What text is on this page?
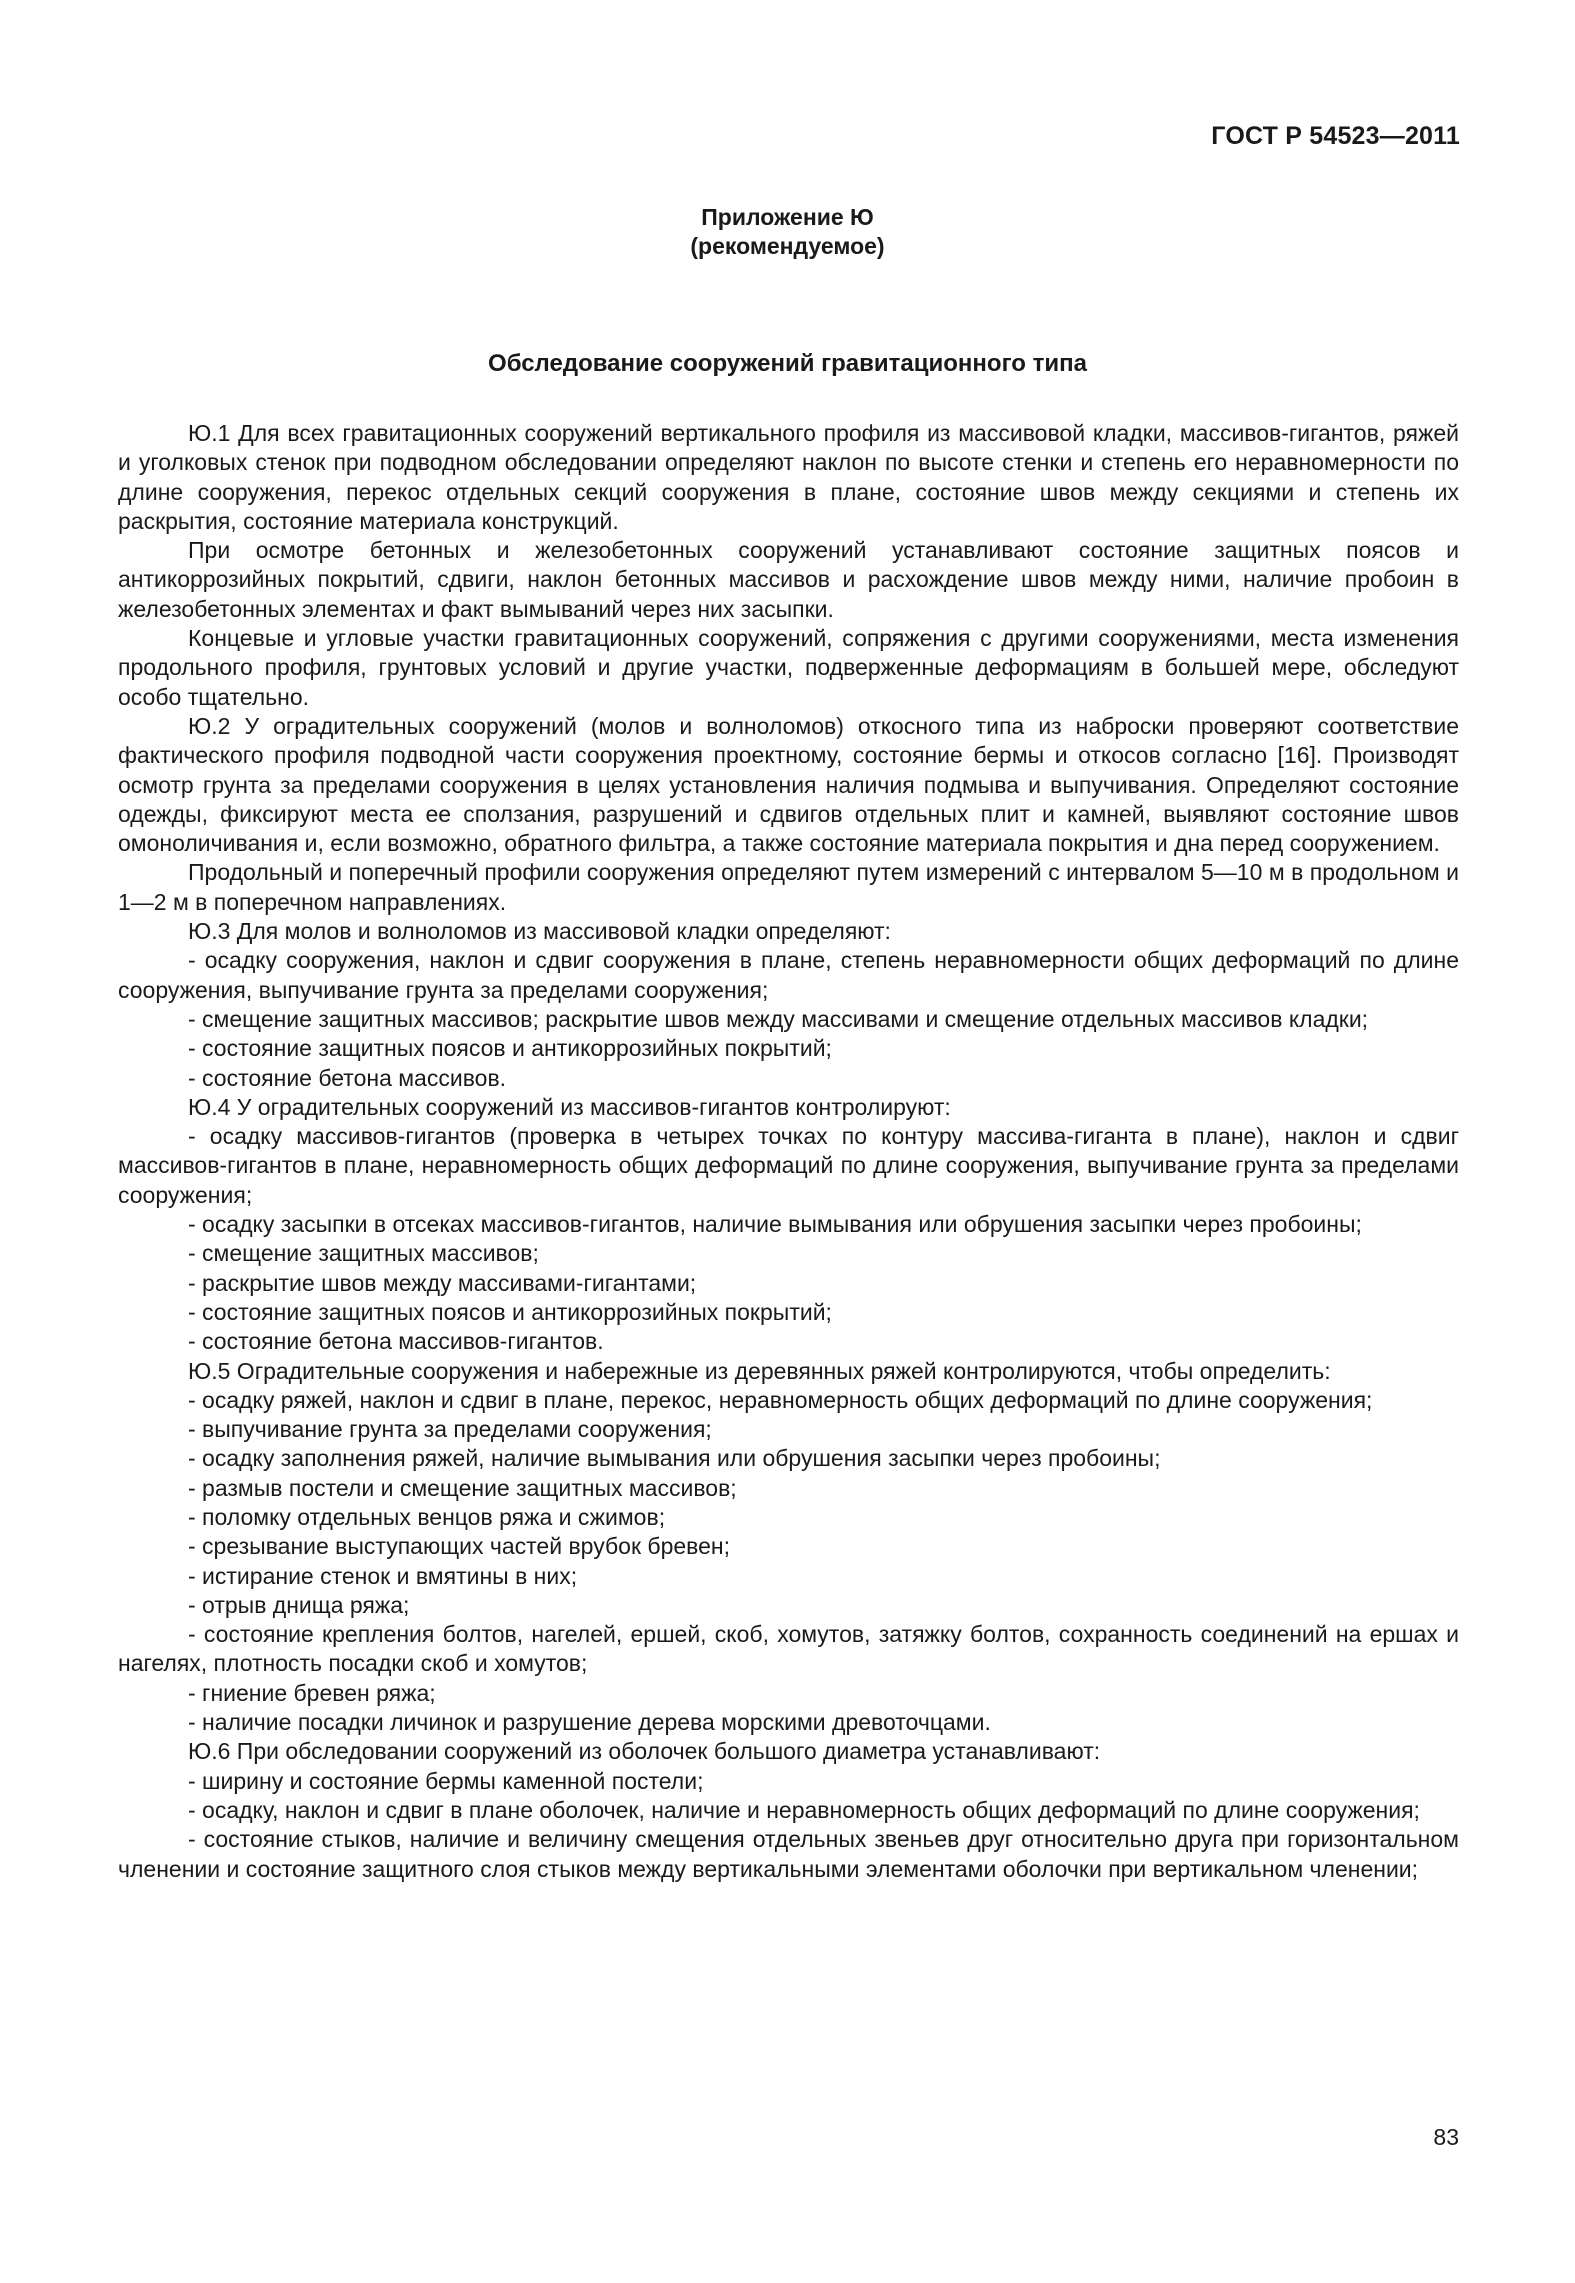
ГОСТ Р 54523—2011

Приложение Ю
(рекомендуемое)
Обследование сооружений гравитационного типа

Ю.1 Для всех гравитационных сооружений вертикального профиля из массивовой кладки, массивов-гигантов, ряжей и уголковых стенок при подводном обследовании определяют наклон по высоте стенки и степень его неравномерности по длине сооружения, перекос отдельных секций сооружения в плане, состояние швов между секциями и степень их раскрытия, состояние материала конструкций.

При осмотре бетонных и железобетонных сооружений устанавливают состояние защитных поясов и антикоррозийных покрытий, сдвиги, наклон бетонных массивов и расхождение швов между ними, наличие пробоин в железобетонных элементах и факт вымываний через них засыпки.

Концевые и угловые участки гравитационных сооружений, сопряжения с другими сооружениями, места изменения продольного профиля, грунтовых условий и другие участки, подверженные деформациям в большей мере, обследуют особо тщательно.

Ю.2 У оградительных сооружений (молов и волноломов) откосного типа из наброски проверяют соответствие фактического профиля подводной части сооружения проектному, состояние бермы и откосов согласно [16]. Производят осмотр грунта за пределами сооружения в целях установления наличия подмыва и выпучивания. Определяют состояние одежды, фиксируют места ее сползания, разрушений и сдвигов отдельных плит и камней, выявляют состояние швов омоноличивания и, если возможно, обратного фильтра, а также состояние материала покрытия и дна перед сооружением.

Продольный и поперечный профили сооружения определяют путем измерений с интервалом 5—10 м в продольном и 1—2 м в поперечном направлениях.

Ю.3 Для молов и волноломов из массивовой кладки определяют:

- осадку сооружения, наклон и сдвиг сооружения в плане, степень неравномерности общих деформаций по длине сооружения, выпучивание грунта за пределами сооружения;

- смещение защитных массивов; раскрытие швов между массивами и смещение отдельных массивов кладки;

- состояние защитных поясов и антикоррозийных покрытий;

- состояние бетона массивов.

Ю.4 У оградительных сооружений из массивов-гигантов контролируют:

- осадку массивов-гигантов (проверка в четырех точках по контуру массива-гиганта в плане), наклон и сдвиг массивов-гигантов в плане, неравномерность общих деформаций по длине сооружения, выпучивание грунта за пределами сооружения;

- осадку засыпки в отсеках массивов-гигантов, наличие вымывания или обрушения засыпки через пробоины;

- смещение защитных массивов;

- раскрытие швов между массивами-гигантами;

- состояние защитных поясов и антикоррозийных покрытий;

- состояние бетона массивов-гигантов.

Ю.5 Оградительные сооружения и набережные из деревянных ряжей контролируются, чтобы определить:

- осадку ряжей, наклон и сдвиг в плане, перекос, неравномерность общих деформаций по длине сооружения;

- выпучивание грунта за пределами сооружения;

- осадку заполнения ряжей, наличие вымывания или обрушения засыпки через пробоины;

- размыв постели и смещение защитных массивов;

- поломку отдельных венцов ряжа и сжимов;

- срезывание выступающих частей врубок бревен;

- истирание стенок и вмятины в них;

- отрыв днища ряжа;

- состояние крепления болтов, нагелей, ершей, скоб, хомутов, затяжку болтов, сохранность соединений на ершах и нагелях, плотность посадки скоб и хомутов;

- гниение бревен ряжа;

- наличие посадки личинок и разрушение дерева морскими древоточцами.

Ю.6 При обследовании сооружений из оболочек большого диаметра устанавливают:

- ширину и состояние бермы каменной постели;

- осадку, наклон и сдвиг в плане оболочек, наличие и неравномерность общих деформаций по длине сооружения;

- состояние стыков, наличие и величину смещения отдельных звеньев друг относительно друга при горизонтальном членении и состояние защитного слоя стыков между вертикальными элементами оболочки при вертикальном членении;

83
